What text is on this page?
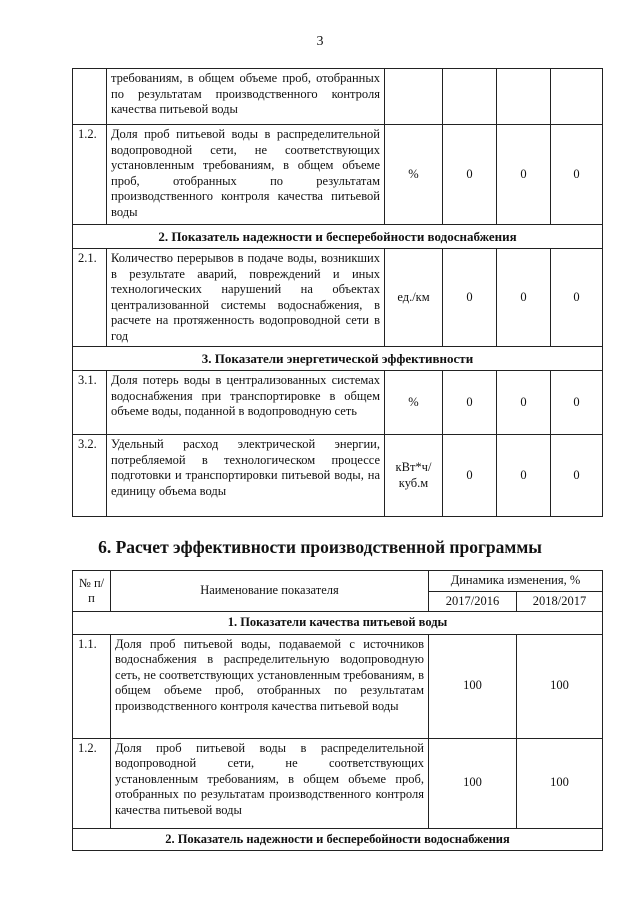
3
	требованиям, в общем объеме проб, отобранных по результатам производственного контроля качества питьевой воды				
1.2.	Доля проб питьевой воды в распределительной водопроводной сети, не соответствующих установленным требованиям, в общем объеме проб, отобранных по результатам производственного контроля качества питьевой воды	%	0	0	0
2. Показатель надежности и бесперебойности водоснабжения					
2.1.	Количество перерывов в подаче воды, возникших в результате аварий, повреждений и иных технологических нарушений на объектах централизованной системы водоснабжения, в расчете на протяженность водопроводной сети в год	ед./км	0	0	0
3. Показатели энергетической эффективности					
3.1.	Доля потерь воды в централизованных системах водоснабжения при транспортировке в общем объеме воды, поданной в водопроводную сеть	%	0	0	0
3.2.	Удельный расход электрической энергии, потребляемой в технологическом процессе подготовки и транспортировки питьевой воды, на единицу объема воды	кВт*ч/ куб.м	0	0	0
6. Расчет эффективности производственной программы
№ п/п	Наименование показателя	Динамика изменения, %	
		2017/2016	2018/2017
1. Показатели качества питьевой воды			
1.1.	Доля проб питьевой воды, подаваемой с источников водоснабжения в распределительную водопроводную сеть, не соответствующих установленным требованиям, в общем объеме проб, отобранных по результатам производственного контроля качества питьевой воды	100	100
1.2.	Доля проб питьевой воды в распределительной водопроводной сети, не соответствующих установленным требованиям, в общем объеме проб, отобранных по результатам производственного контроля качества питьевой воды	100	100
2. Показатель надежности и бесперебойности водоснабжения			
